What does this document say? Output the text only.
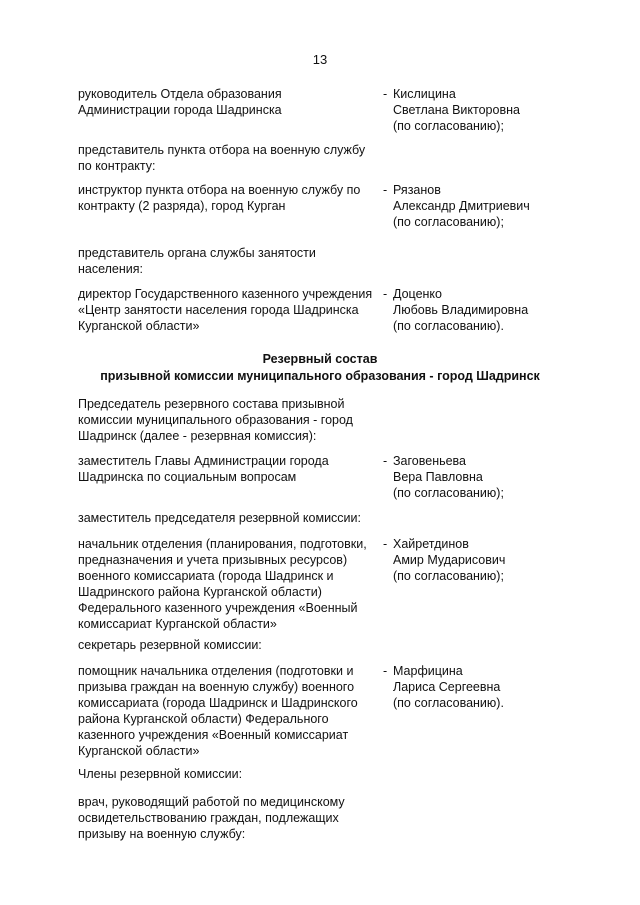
13
руководитель Отдела образования
Администрации города Шадринска
- Кислицина
Светлана Викторовна
(по согласованию);
представитель пункта отбора на военную службу
по контракту:
инструктор пункта отбора на военную службу по
контракту (2 разряда), город Курган
- Рязанов
Александр Дмитриевич
(по согласованию);
представитель органа службы занятости
населения:
директор Государственного казенного учреждения
«Центр занятости населения города Шадринска
Курганской области»
- Доценко
Любовь Владимировна
(по согласованию).
Резервный состав
призывной комиссии муниципального образования - город Шадринск
Председатель резервного состава призывной
комиссии муниципального образования - город
Шадринск (далее - резервная комиссия):
заместитель Главы Администрации города
Шадринска по социальным вопросам
- Заговеньева
Вера Павловна
(по согласованию);
заместитель председателя резервной комиссии:
начальник отделения (планирования, подготовки,
предназначения и учета призывных ресурсов)
военного комиссариата (города Шадринск и
Шадринского района Курганской области)
Федерального казенного учреждения «Военный
комиссариат Курганской области»
- Хайретдинов
Амир Мударисович
(по согласованию);
секретарь резервной комиссии:
помощник начальника отделения (подготовки и
призыва граждан на военную службу) военного
комиссариата (города Шадринск и Шадринского
района Курганской области) Федерального
казенного учреждения «Военный комиссариат
Курганской области»
- Марфицина
Лариса Сергеевна
(по согласованию).
Члены резервной комиссии:
врач, руководящий работой по медицинскому
освидетельствованию граждан, подлежащих
призыву на военную службу:
